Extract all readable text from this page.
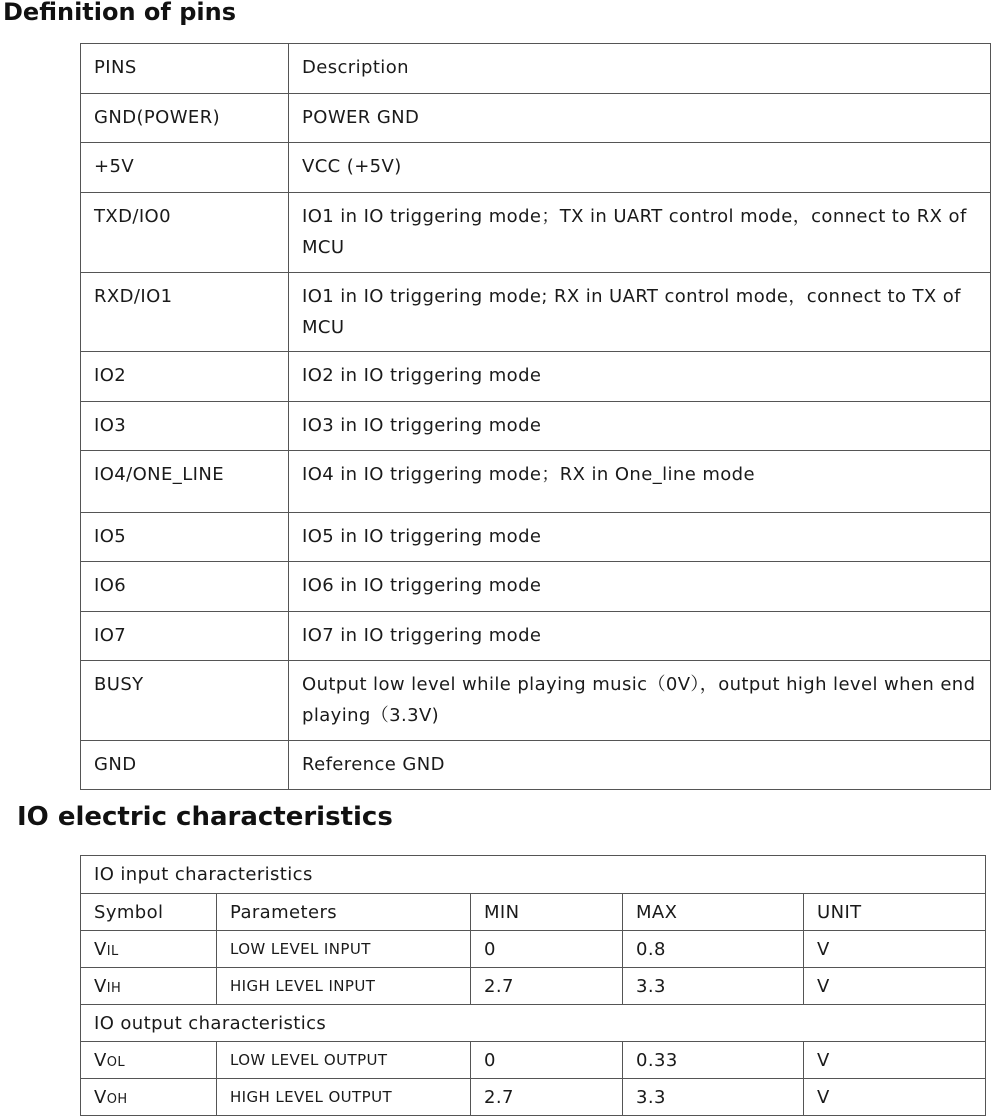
Definition of pins
PINS	Description
GND(POWER)	POWER GND
+5V	VCC (+5V)
TXD/IO0	IO1 in IO triggering mode；TX in UART control mode，connect to RX of MCU
RXD/IO1	IO1 in IO triggering mode; RX in UART control mode，connect to TX of MCU
IO2	IO2 in IO triggering mode
IO3	IO3 in IO triggering mode
IO4/ONE_LINE	IO4 in IO triggering mode；RX in One_line mode
IO5	IO5 in IO triggering mode
IO6	IO6 in IO triggering mode
IO7	IO7 in IO triggering mode
BUSY	Output low level while playing music（0V），output high level when end playing（3.3V)
GND	Reference GND
IO electric characteristics
IO input characteristics				
Symbol	Parameters	MIN	MAX	UNIT
VIL	LOW LEVEL INPUT	0	0.8	V
VIH	HIGH LEVEL INPUT	2.7	3.3	V
IO output characteristics				
VOL	LOW LEVEL OUTPUT	0	0.33	V
VOH	HIGH LEVEL OUTPUT	2.7	3.3	V
